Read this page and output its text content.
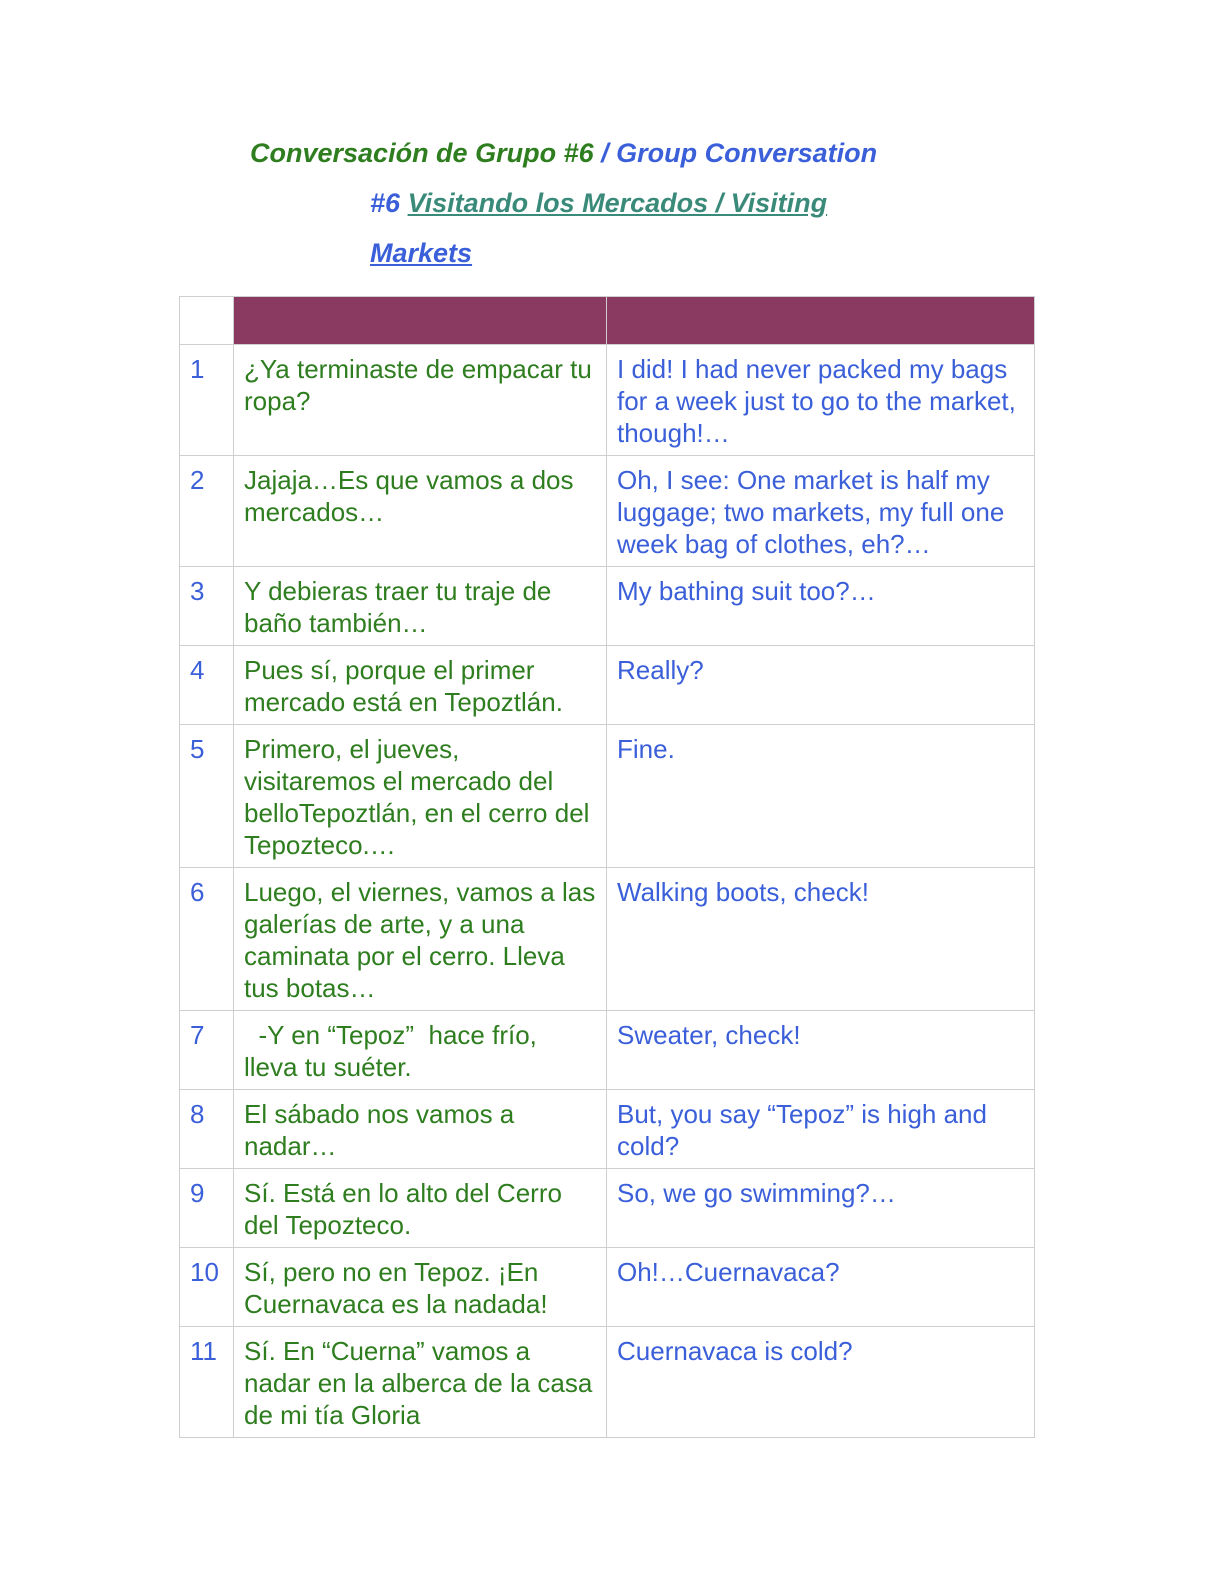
Conversación de Grupo #6 / Group Conversation
#6 Visitando los Mercados / Visiting
Markets

1	¿Ya terminaste de empacar tu ropa?	I did! I had never packed my bags for a week just to go to the market, though!…
2	Jajaja…Es que vamos a dos mercados…	Oh, I see: One market is half my luggage; two markets, my full one week bag of clothes, eh?…
3	Y debieras traer tu traje de baño también…	My bathing suit too?…
4	Pues sí, porque el primer mercado está en Tepoztlán.	Really?
5	Primero, el jueves, visitaremos el mercado del belloTepoztlán, en el cerro del Tepozteco.…	Fine.
6	Luego, el viernes, vamos a las galerías de arte, y a una caminata por el cerro. Lleva tus botas…	Walking boots, check!
7	-Y en “Tepoz”  hace frío, lleva tu suéter.	Sweater, check!
8	El sábado nos vamos a nadar…	But, you say “Tepoz” is high and cold?
9	Sí. Está en lo alto del Cerro del Tepozteco.	So, we go swimming?…
10	Sí, pero no en Tepoz. ¡En Cuernavaca es la nadada!	Oh!…Cuernavaca?
11	Sí. En “Cuerna” vamos a nadar en la alberca de la casa de mi tía Gloria	Cuernavaca is cold?
